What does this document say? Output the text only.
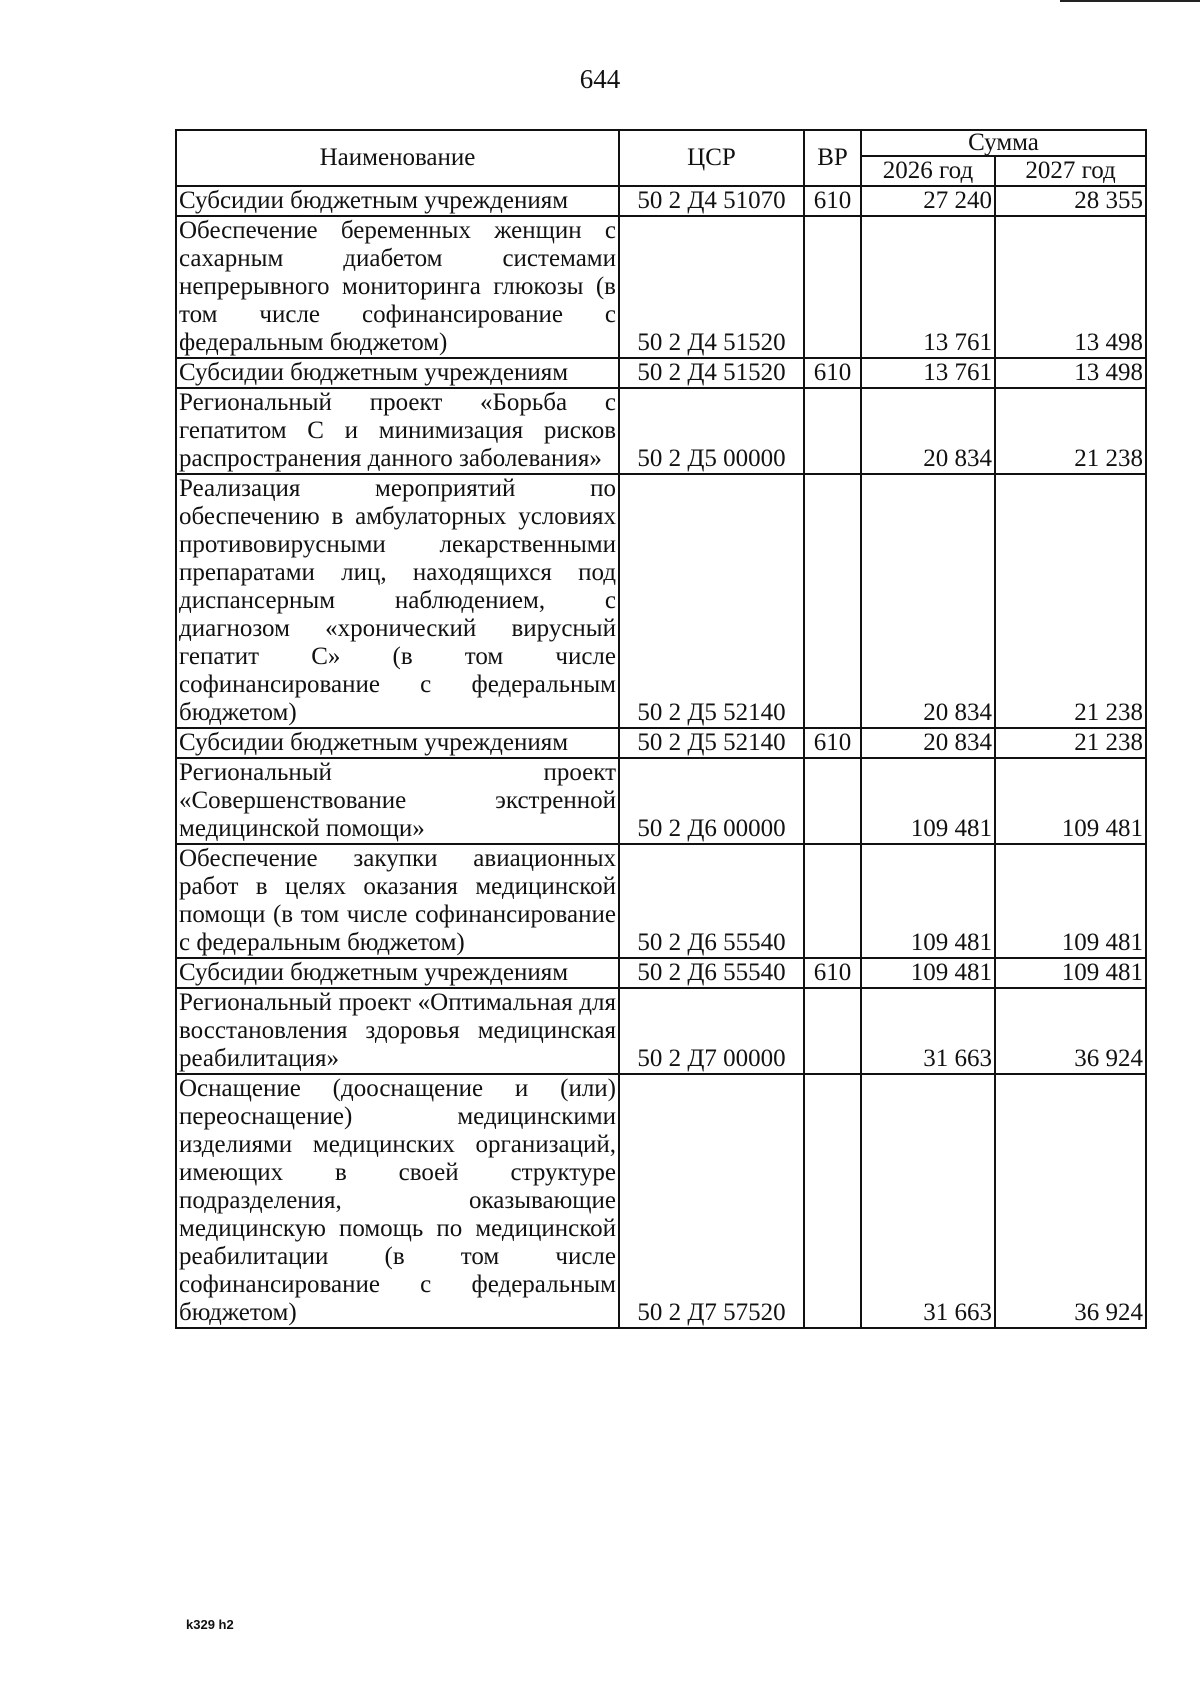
644
Наименование	ЦСР	ВР	Сумма	
			2026 год	2027 год
Субсидии бюджетным учреждениям	50 2 Д4 51070	610	27 240	28 355
Обеспечение беременных женщин с сахарным диабетом системами непрерывного мониторинга глюкозы (в том числе софинансирование с федеральным бюджетом)	50 2 Д4 51520		13 761	13 498
Субсидии бюджетным учреждениям	50 2 Д4 51520	610	13 761	13 498
Региональный проект «Борьба с гепатитом С и минимизация рисков распространения данного заболевания»	50 2 Д5 00000		20 834	21 238
Реализация мероприятий по обеспечению в амбулаторных условиях противовирусными лекарственными препаратами лиц, находящихся под диспансерным наблюдением, с диагнозом «хронический вирусный гепатит С» (в том числе софинансирование с федеральным бюджетом)	50 2 Д5 52140		20 834	21 238
Субсидии бюджетным учреждениям	50 2 Д5 52140	610	20 834	21 238
Региональный проект «Совершенствование экстренной медицинской помощи»	50 2 Д6 00000		109 481	109 481
Обеспечение закупки авиационных работ в целях оказания медицинской помощи (в том числе софинансирование с федеральным бюджетом)	50 2 Д6 55540		109 481	109 481
Субсидии бюджетным учреждениям	50 2 Д6 55540	610	109 481	109 481
Региональный проект «Оптимальная для восстановления здоровья медицинская реабилитация»	50 2 Д7 00000		31 663	36 924
Оснащение (дооснащение и (или) переоснащение) медицинскими изделиями медицинских организаций, имеющих в своей структуре подразделения, оказывающие медицинскую помощь по медицинской реабилитации (в том числе софинансирование с федеральным бюджетом)	50 2 Д7 57520		31 663	36 924
k329 h2
